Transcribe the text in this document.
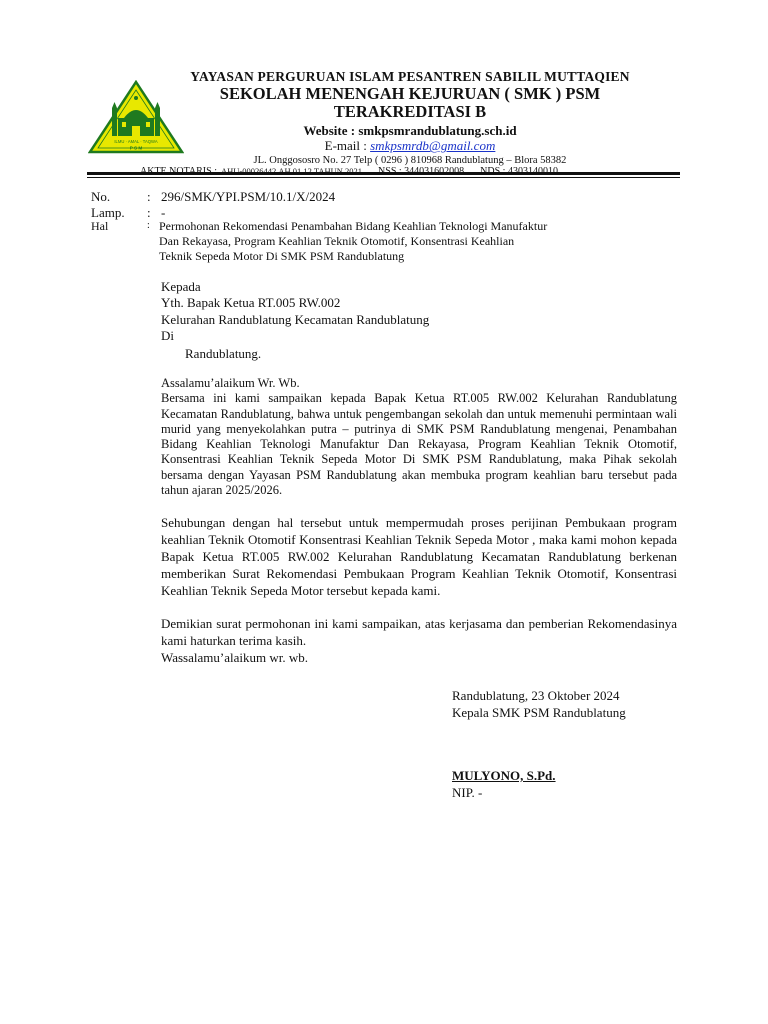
ILMU · AMAL · TAQWA
P S M
YAYASAN PERGURUAN ISLAM PESANTREN SABILIL MUTTAQIEN
SEKOLAH MENENGAH KEJURUAN ( SMK ) PSM
TERAKREDITASI B
Website : smkpsmrandublatung.sch.id
E-mail : smkpsmrdb@gmail.com
JL. Onggososro No. 27 Telp ( 0296 ) 810968 Randublatung – Blora 58382
No.	: 296/SMK/YPI.PSM/10.1/X/2024
Lamp.	: -
Hal	: Permohonan Rekomendasi Penambahan Bidang Keahlian Teknologi Manufaktur
Dan Rekayasa, Program Keahlian Teknik Otomotif, Konsentrasi Keahlian
Teknik Sepeda Motor Di SMK PSM Randublatung
Kepada
Yth. Bapak Ketua RT.005 RW.002
Kelurahan Randublatung Kecamatan Randublatung
Di
Randublatung.

Assalamu’alaikum Wr. Wb.

Bersama ini kami sampaikan kepada Bapak Ketua RT.005 RW.002 Kelurahan Randublatung Kecamatan Randublatung, bahwa untuk pengembangan sekolah dan untuk memenuhi permintaan wali murid yang menyekolahkan putra – putrinya di SMK PSM Randublatung mengenai, Penambahan Bidang Keahlian Teknologi Manufaktur Dan Rekayasa, Program Keahlian Teknik Otomotif, Konsentrasi Keahlian Teknik Sepeda Motor Di SMK PSM Randublatung, maka Pihak sekolah bersama dengan Yayasan PSM Randublatung akan membuka program keahlian baru tersebut pada tahun ajaran 2025/2026.

Sehubungan dengan hal tersebut untuk mempermudah proses perijinan Pembukaan program keahlian Teknik Otomotif Konsentrasi Keahlian Teknik Sepeda Motor , maka kami mohon kepada Bapak Ketua RT.005 RW.002 Kelurahan Randublatung Kecamatan Randublatung berkenan memberikan Surat Rekomendasi Pembukaan Program Keahlian Teknik Otomotif, Konsentrasi Keahlian Teknik Sepeda Motor tersebut kepada kami.

Demikian surat permohonan ini kami sampaikan, atas kerjasama dan pemberian Rekomendasinya kami haturkan terima kasih.

Wassalamu’alaikum wr. wb.

Randublatung, 23 Oktober 2024
Kepala SMK PSM Randublatung
MULYONO, S.Pd.
NIP. -
